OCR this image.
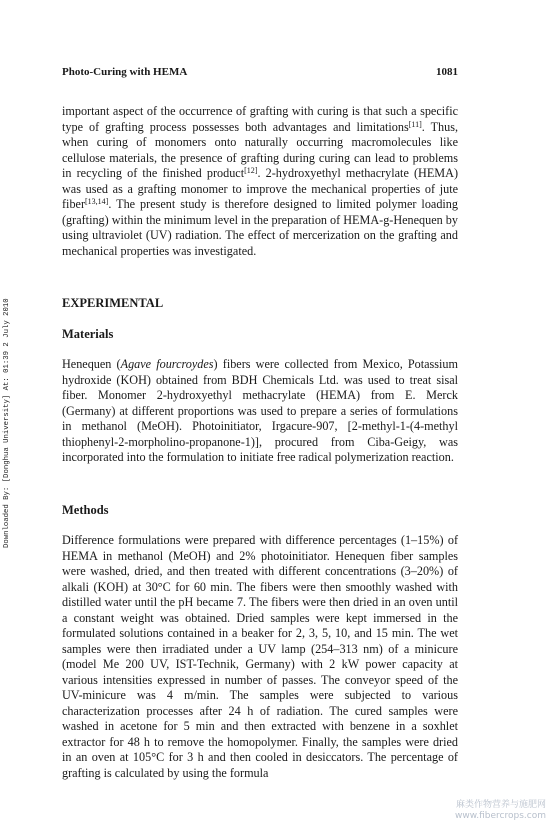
Photo-Curing with HEMA	1081

important aspect of the occurrence of grafting with curing is that such a specific type of grafting process possesses both advantages and limitations[11]. Thus, when curing of monomers onto naturally occurring macromolecules like cellulose materials, the presence of grafting during curing can lead to problems in recycling of the finished product[12]. 2-hydroxyethyl methacrylate (HEMA) was used as a grafting monomer to improve the mechanical properties of jute fiber[13,14]. The present study is therefore designed to limited polymer loading (grafting) within the minimum level in the preparation of HEMA-g-Henequen by using ultraviolet (UV) radiation. The effect of mercerization on the grafting and mechanical properties was investigated.

EXPERIMENTAL
Materials

Henequen (Agave fourcroydes) fibers were collected from Mexico, Potassium hydroxide (KOH) obtained from BDH Chemicals Ltd. was used to treat sisal fiber. Monomer 2-hydroxyethyl methacrylate (HEMA) from E. Merck (Germany) at different proportions was used to prepare a series of formulations in methanol (MeOH). Photoinitiator, Irgacure-907, [2-methyl-1-(4-methyl thiophenyl-2-morpholino-propanone-1)], procured from Ciba-Geigy, was incorporated into the formulation to initiate free radical polymerization reaction.

Methods

Difference formulations were prepared with difference percentages (1–15%) of HEMA in methanol (MeOH) and 2% photoinitiator. Henequen fiber samples were washed, dried, and then treated with different concentrations (3–20%) of alkali (KOH) at 30°C for 60 min. The fibers were then smoothly washed with distilled water until the pH became 7. The fibers were then dried in an oven until a constant weight was obtained. Dried samples were kept immersed in the formulated solutions contained in a beaker for 2, 3, 5, 10, and 15 min. The wet samples were then irradiated under a UV lamp (254–313 nm) of a minicure (model Me 200 UV, IST-Technik, Germany) with 2 kW power capacity at various intensities expressed in number of passes. The conveyor speed of the UV-minicure was 4 m/min. The samples were subjected to various characterization processes after 24 h of radiation. The cured samples were washed in acetone for 5 min and then extracted with benzene in a soxhlet extractor for 48 h to remove the homopolymer. Finally, the samples were dried in an oven at 105°C for 3 h and then cooled in desiccators. The percentage of grafting is calculated by using the formula

Downloaded By: [Donghua University] At: 01:39 2 July 2010
麻类作物营养与施肥网
www.fibercrops.com
